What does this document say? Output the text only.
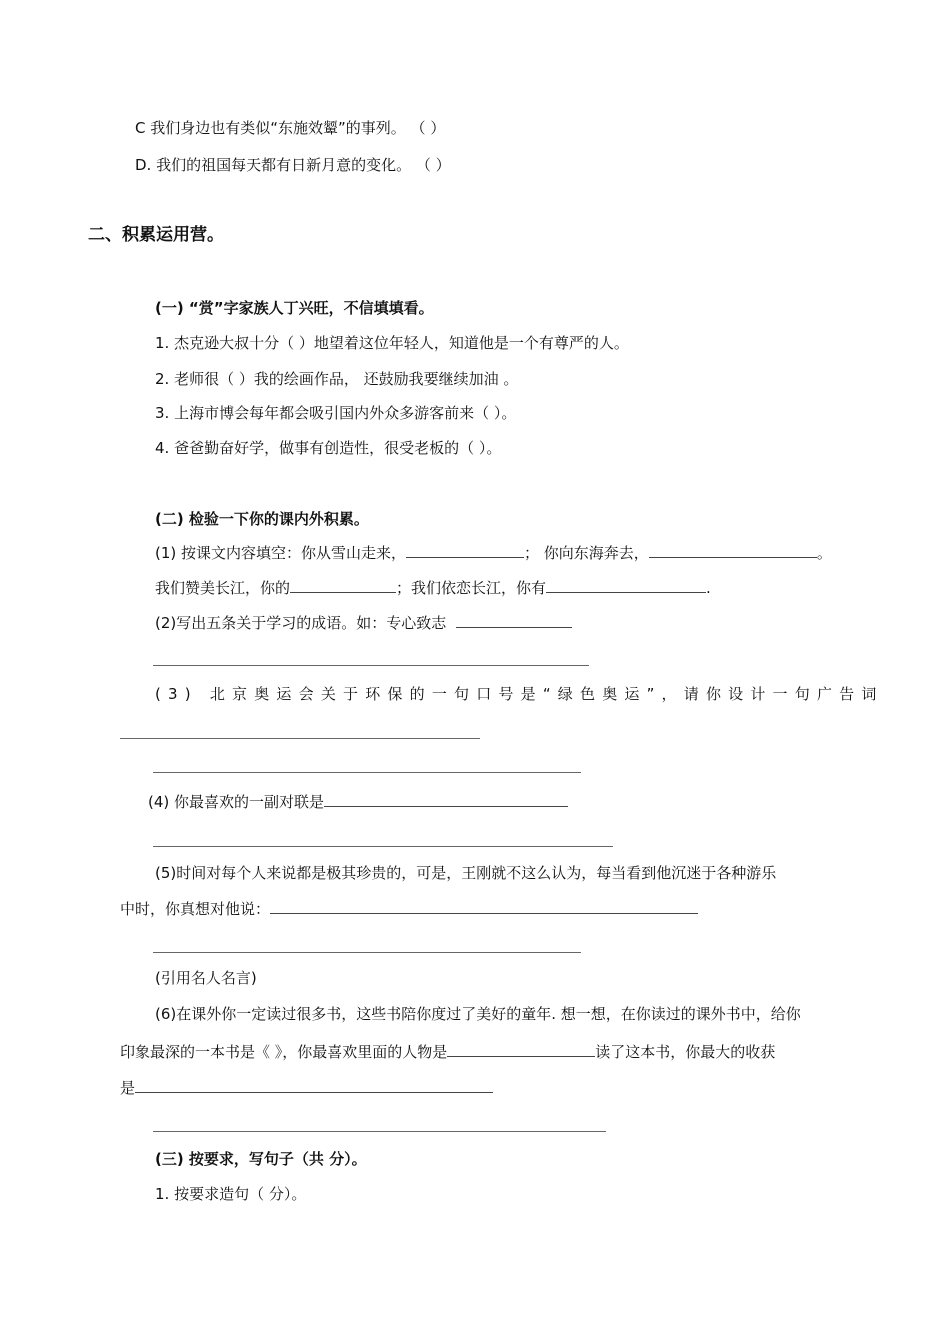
C 我们身边也有类似“东施效颦”的事列。 （ ）
D. 我们的祖国每天都有日新月意的变化。 （ ）
二、积累运用营。
(一) “赏”字家族人丁兴旺，不信填填看。
1. 杰克逊大叔十分（ ）地望着这位年轻人，知道他是一个有尊严的人。
2. 老师很（ ）我的绘画作品， 还鼓励我要继续加油 。
3. 上海市博会每年都会吸引国内外众多游客前来（ ）。
4. 爸爸勤奋好学，做事有创造性，很受老板的（ ）。
(二) 检验一下你的课内外积累。
(1) 按课文内容填空：你从雪山走来，	； 你向东海奔去，	。
我们赞美长江，你的	；我们依恋长江，你有	.
(2)写出五条关于学习的成语。如：专心致志
(3) 北京奥运会关于环保的一句口号是“绿色奥运”，请你设计一句广告词
(4) 你最喜欢的一副对联是
(5)时间对每个人来说都是极其珍贵的，可是，王刚就不这么认为，每当看到他沉迷于各种游乐
中时，你真想对他说：
(引用名人名言)
(6)在课外你一定读过很多书，这些书陪你度过了美好的童年. 想一想，在你读过的课外书中，给你
印象最深的一本书是《 》，你最喜欢里面的人物是	读了这本书，你最大的收获
是
(三) 按要求，写句子（共 分）。
1. 按要求造句（ 分）。
